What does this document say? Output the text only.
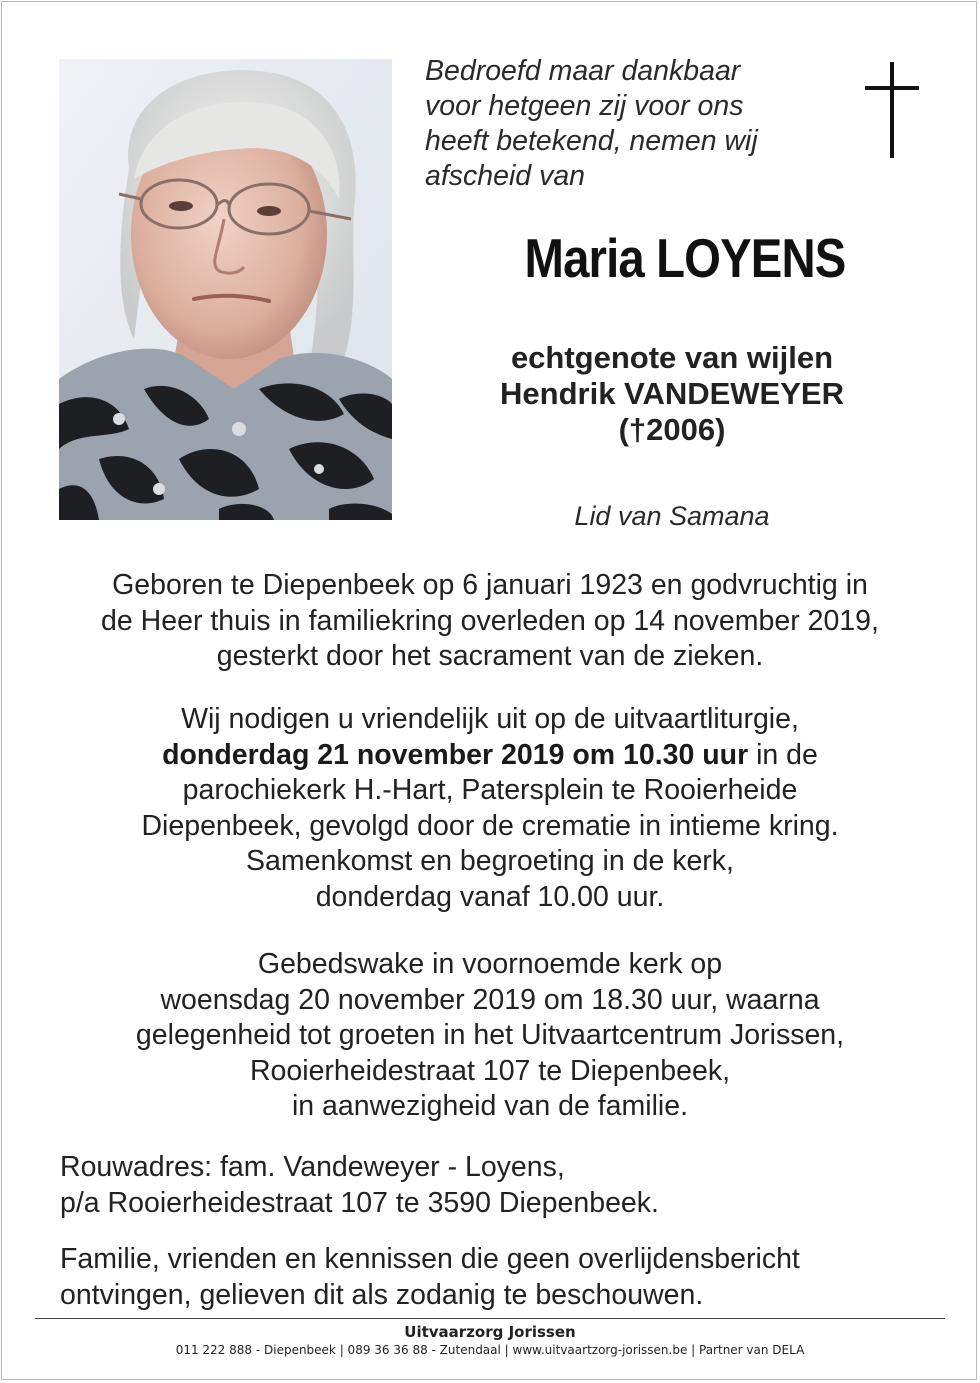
Bedroefd maar dankbaar
voor hetgeen zij voor ons
heeft betekend, nemen wij
afscheid van
Maria LOYENS
echtgenote van wijlen
Hendrik VANDEWEYER
(†2006)
Lid van Samana
Geboren te Diepenbeek op 6 januari 1923 en godvruchtig in
de Heer thuis in familiekring overleden op 14 november 2019,
gesterkt door het sacrament van de zieken.
Wij nodigen u vriendelijk uit op de uitvaartliturgie,
donderdag 21 november 2019 om 10.30 uur in de
parochiekerk H.-Hart, Patersplein te Rooierheide
Diepenbeek, gevolgd door de crematie in intieme kring.
Samenkomst en begroeting in de kerk,
donderdag vanaf 10.00 uur.
Gebedswake in voornoemde kerk op
woensdag 20 november 2019 om 18.30 uur, waarna
gelegenheid tot groeten in het Uitvaartcentrum Jorissen,
Rooierheidestraat 107 te Diepenbeek,
in aanwezigheid van de familie.
Rouwadres: fam. Vandeweyer - Loyens,
p/a Rooierheidestraat 107 te 3590 Diepenbeek.
Familie, vrienden en kennissen die geen overlijdensbericht
ontvingen, gelieven dit als zodanig te beschouwen.
Uitvaarzorg Jorissen
011 222 888 - Diepenbeek | 089 36 36 88 - Zutendaal | www.uitvaartzorg-jorissen.be | Partner van DELA
